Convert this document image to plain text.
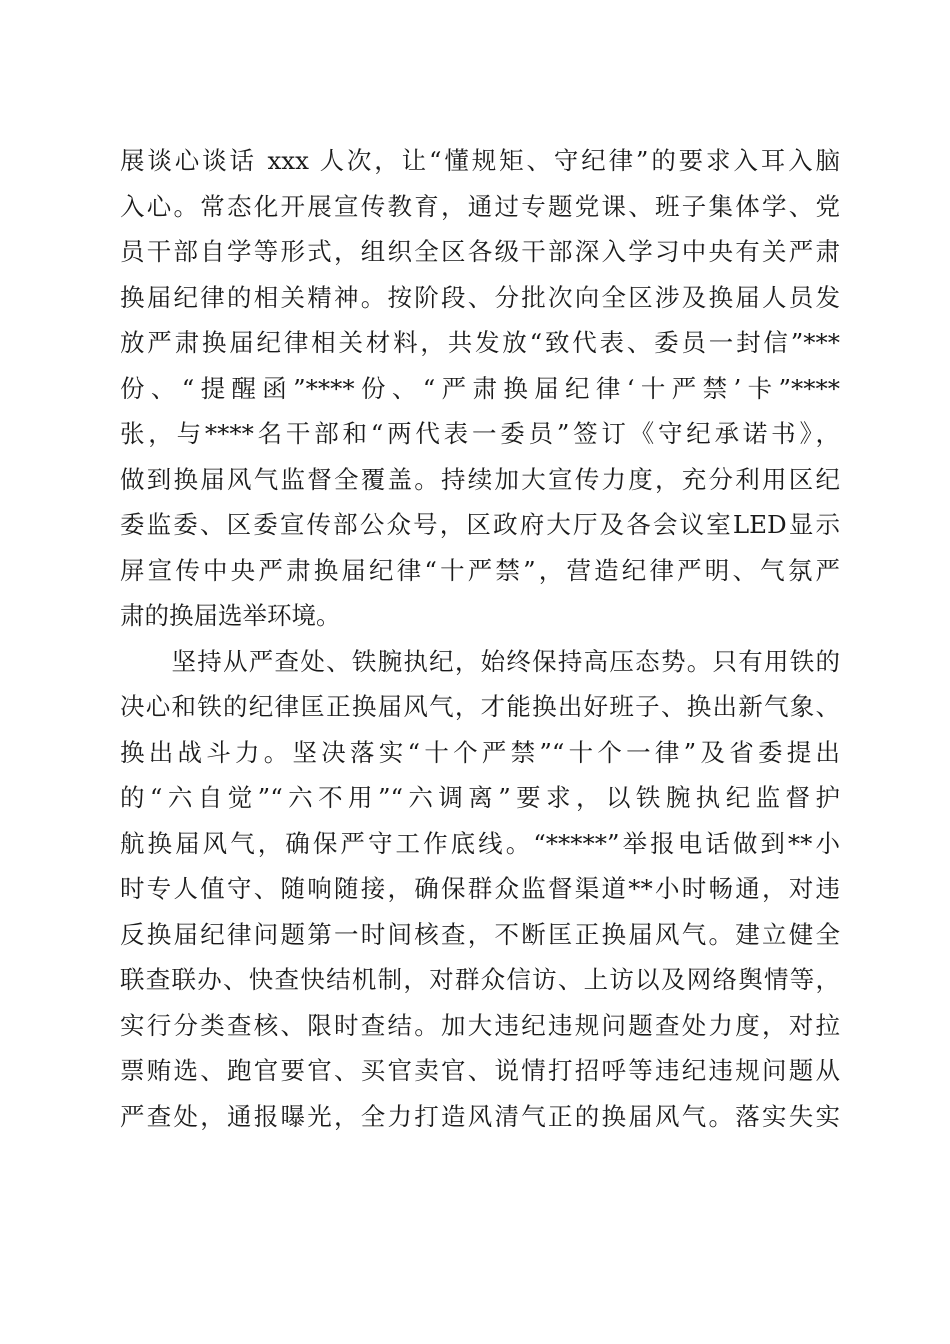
展谈心谈话 xxx 人次，让“懂规矩、守纪律”的要求入耳入脑
入心。常态化开展宣传教育，通过专题党课、班子集体学、党
员干部自学等形式，组织全区各级干部深入学习中央有关严肃
换届纪律的相关精神。按阶段、分批次向全区涉及换届人员发
放严肃换届纪律相关材料，共发放“致代表、委员一封信”***
份、“提醒函”****份、“严肃换届纪律‘十严禁’卡”****
张，与****名干部和“两代表一委员”签订《守纪承诺书》，
做到换届风气监督全覆盖。持续加大宣传力度，充分利用区纪
委监委、区委宣传部公众号，区政府大厅及各会议室LED显示
屏宣传中央严肃换届纪律“十严禁”，营造纪律严明、气氛严
肃的换届选举环境。
　　坚持从严查处、铁腕执纪，始终保持高压态势。只有用铁的
决心和铁的纪律匡正换届风气，才能换出好班子、换出新气象、
换出战斗力。坚决落实“十个严禁”“十个一律”及省委提出
的“六自觉”“六不用”“六调离”要求，以铁腕执纪监督护
航换届风气，确保严守工作底线。“*****”举报电话做到**小
时专人值守、随响随接，确保群众监督渠道**小时畅通，对违
反换届纪律问题第一时间核查，不断匡正换届风气。建立健全
联查联办、快查快结机制，对群众信访、上访以及网络舆情等，
实行分类查核、限时查结。加大违纪违规问题查处力度，对拉
票贿选、跑官要官、买官卖官、说情打招呼等违纪违规问题从
严查处，通报曝光，全力打造风清气正的换届风气。落实失实
